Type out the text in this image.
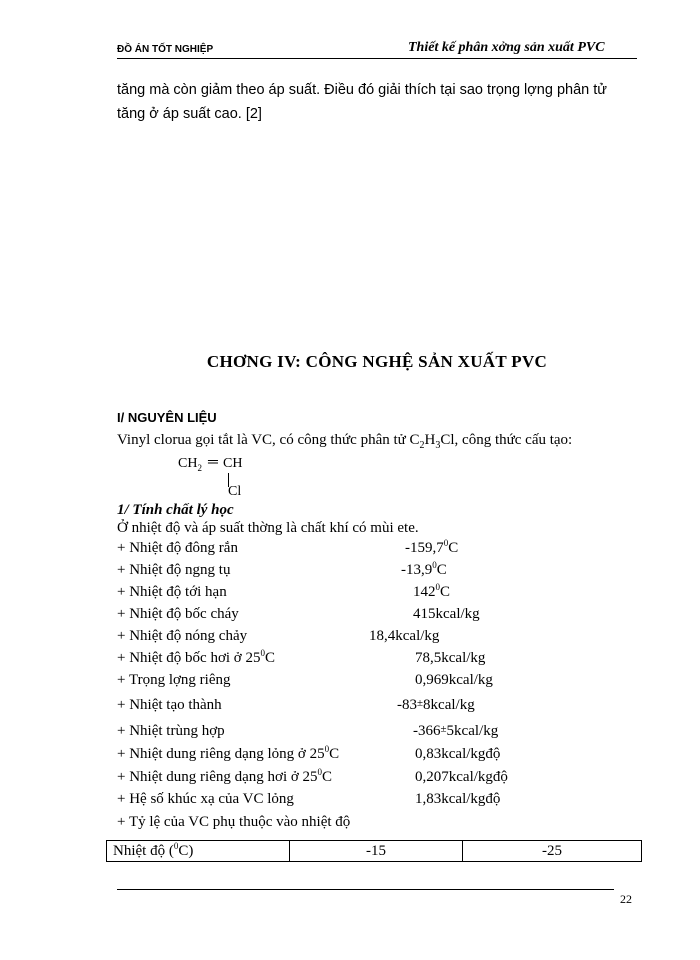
ĐỒ ÁN TỐT NGHIỆP	Thiết kế phân xởng sản xuất PVC

tăng mà còn giảm theo áp suất. Điều đó giải thích tại sao trọng lợng phân tử

tăng ở áp suất cao. [2]

CHƠNG IV: CÔNG NGHỆ SẢN XUẤT PVC
I/ NGUYÊN LIỆU
Vinyl clorua gọi tắt là VC, có công thức phân tử $C_2H_3Cl$, công thức cấu tạo:
$CH_2$ ═ CH
Cl
1/ Tính chất lý học
Ở nhiệt độ và áp suất thờng là chất khí có mùi ete.
+ Nhiệt độ đông rắn	$-159,7^0C$
+ Nhiệt độ ngng tụ	$-13,9^0C$
+ Nhiệt độ tới hạn	$142^0C$
+ Nhiệt độ bốc cháy	415kcal/kg
+ Nhiệt độ nóng chảy	18,4kcal/kg
+ Nhiệt độ bốc hơi ở $25^0C$	78,5kcal/kg
+ Trọng lợng riêng	0,969kcal/kg
+ Nhiệt tạo thành	-83±8kcal/kg
+ Nhiệt trùng hợp	-366±5kcal/kg
+ Nhiệt dung riêng dạng lỏng ở $25^0C$	0,83kcal/kgđộ
+ Nhiệt dung riêng dạng hơi ở $25^0C$	0,207kcal/kgđộ
+ Hệ số khúc xạ của VC lỏng	1,83kcal/kgđộ
+ Tỷ lệ của VC phụ thuộc vào nhiệt độ
Nhiệt độ ($^0$C)	-15	-25
22
